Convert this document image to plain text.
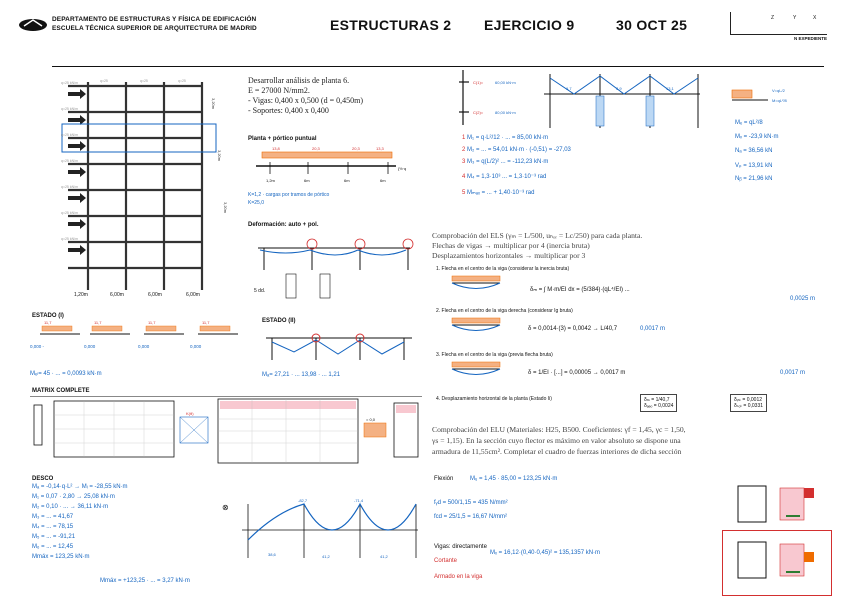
DEPARTAMENTO DE ESTRUCTURAS Y FÍSICA DE EDIFICACIÓN
ESCUELA TÉCNICA SUPERIOR DE ARQUITECTURA DE MADRID	ESTRUCTURAS 2 EJERCICIO 9	30 OCT 25	Z	Y	X
N EXPEDIENTE
q=25 kN/m	q=25	q=25	q=25
q=25 kN/m
q=25 kN/m
q=25 kN/m
q=25 kN/m
q=25 kN/m
q=25 kN/m
3,20m
3,20m
3,20m
1,20m	6,00m	6,00m	6,00m
Desarrollar análisis de planta 6.
E = 27000 N/mm2.
- Vigas: 0,400 x 0,500 (d = 0,450m)
- Soportes: 0,400 x 0,400
Planta + pórtico puntual
13,8	20,3	20,3	13,3
1,2m	6m	6m	6m
{½·q
K=1,2 · cargas por tramos de pórtico
K=25,0
Deformación: auto + pol.
5 dd.
C(1)=
C(2)=
60,00 kN·m
80,00 kN·m
9,7	3,9	13,1
M=qL²/8
V=qL/2
1 M₁ = q·L²/12 · ... = 85,00 kN·m
2 M₂ = ... = 54,01 kN·m · (-0,51) = -27,03
3 M₃ = q(L/2)² ... = -112,23 kN·m
4 M₄ = 1,3·10³ ... = 1,3·10⁻³ rad
5 Mₘₐₓ = ... + 1,40·10⁻³ rad
Mₑ = qL²/8
Mᵥ = -23,9 kN·m
Nₐ = 36,56 kN
Vₚ = 13,91 kN
Nᵦ = 21,96 kN
Comprobación del ELS (γₘ = L/500, uₕₒᵣ = Lc/250) para cada planta.
Flechas de vigas → multiplicar por 4 (inercia bruta)
Desplazamientos horizontales → multiplicar por 3
1. Flecha en el centro de la viga (considerar la inercia bruta)
δₘ = ∫ M·m/EI dx = (5/384)·(qL⁴/EI) ...
0,0025 m
2. Flecha en el centro de la viga derecha (considerar Ig bruta)
δ = 0,0014·(3) = 0,0042 → L/40,7	0,0017 m
3. Flecha en el centro de la viga (previa flecha bruta)
δ = 1/EI · [...] = 0,00005 → 0,0017 m	0,0017 m
4. Desplazamiento horizontal de la planta (Estado Ii)	δₘ = 1/40,7
δₐₑₒ = 0,0024
δᵢₙₜ = 0,0012
δₛₒₜ = 0,0331
Comprobación del ELU (Materiales: H25, B500. Coeficientes: γf = 1,45, γc = 1,50,
γs = 1,15). En la sección cuyo flector es máximo en valor absoluto se dispone una
armadura de 11,55cm². Completar el cuadro de fuerzas interiores de dicha sección
Flexión	Mᵤ = 1,45 · 85,00 = 123,25 kN·m
fᵧd = 500/1,15 = 435 N/mm²
fcd = 25/1,5 = 16,67 N/mm²
Vigas: directamente
Cortante
Mₓ = 16,12·(0,40·0,45)² = 135,1357 kN·m
Armado en la viga
ESTADO (I)
0,000 -	0,000	0,000	0,000
11,7	11,7	11,7	11,7
Mₑₗ= 45 · ... = 0,0093 kN·m
ESTADO (II)
Mₐ= 27,21 · ... 13,98 · ... 1,21
MATRIX COMPLETE
K(θ)
= 0,0
DESCO
Mₐ = -0,14·q·L² → Mᵢ = -28,55 kN·m
M₁ = 0,07 · 2,80 → 25,08 kN·m
M₂ = 0,10 · ... → 36,11 kN·m
M₃ = ... = 41,67
M₄ = ... = 78,15
M₅ = ... = -91,21
M₆ = ... = 12,45
Mmáx = 123,25 kN·m
⊗
38,6	41,2	41,2
-82,7	-71,4
Mmáx = +123,25 · ... = 3,27 kN·m
